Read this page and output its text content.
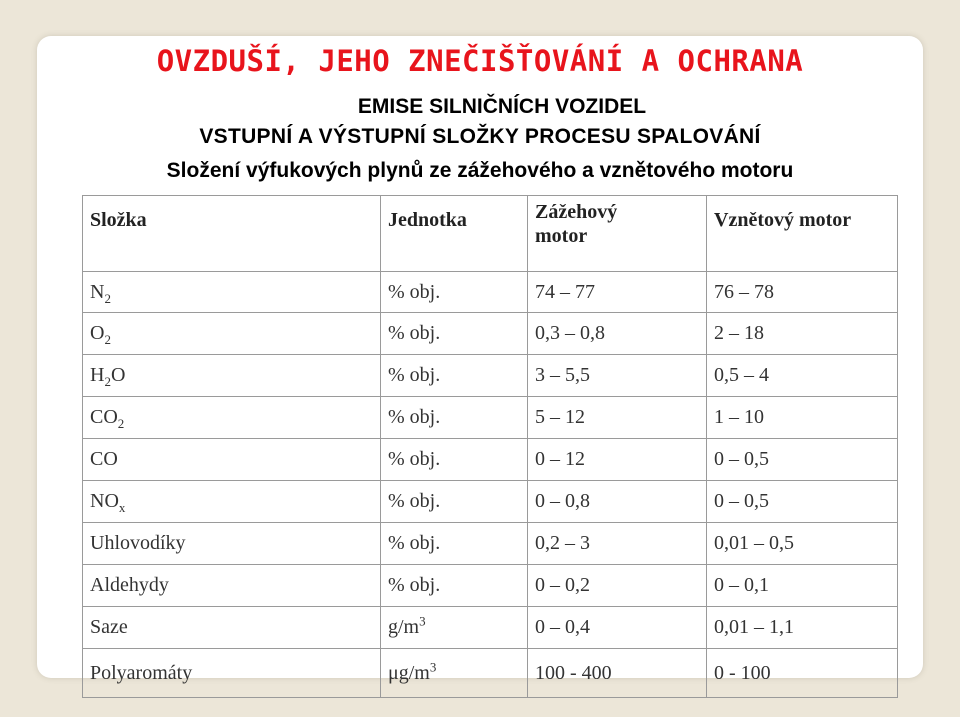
OVZDUŠÍ, JEHO ZNEČIŠŤOVÁNÍ A OCHRANA
EMISE SILNIČNÍCH VOZIDEL
VSTUPNÍ A VÝSTUPNÍ SLOŽKY PROCESU SPALOVÁNÍ
Složení výfukových plynů ze zážehového a vznětového motoru
Složka	Jednotka	Zážehový motor	Vznětový motor
$N_2$	% obj.	74 – 77	76 – 78
$O_2$	% obj.	0,3 – 0,8	2 – 18
$H_2O$	% obj.	3 – 5,5	0,5 – 4
$CO_2$	% obj.	5 – 12	1 – 10
CO	% obj.	0 – 12	0 – 0,5
$NO_x$	% obj.	0 – 0,8	0 – 0,5
Uhlovodíky	% obj.	0,2 – 3	0,01 – 0,5
Aldehydy	% obj.	0 – 0,2	0 – 0,1
Saze	$g/m^3$	0 – 0,4	0,01 – 1,1
Polyaromáty	$\mu g/m^3$	100 - 400	0 - 100
